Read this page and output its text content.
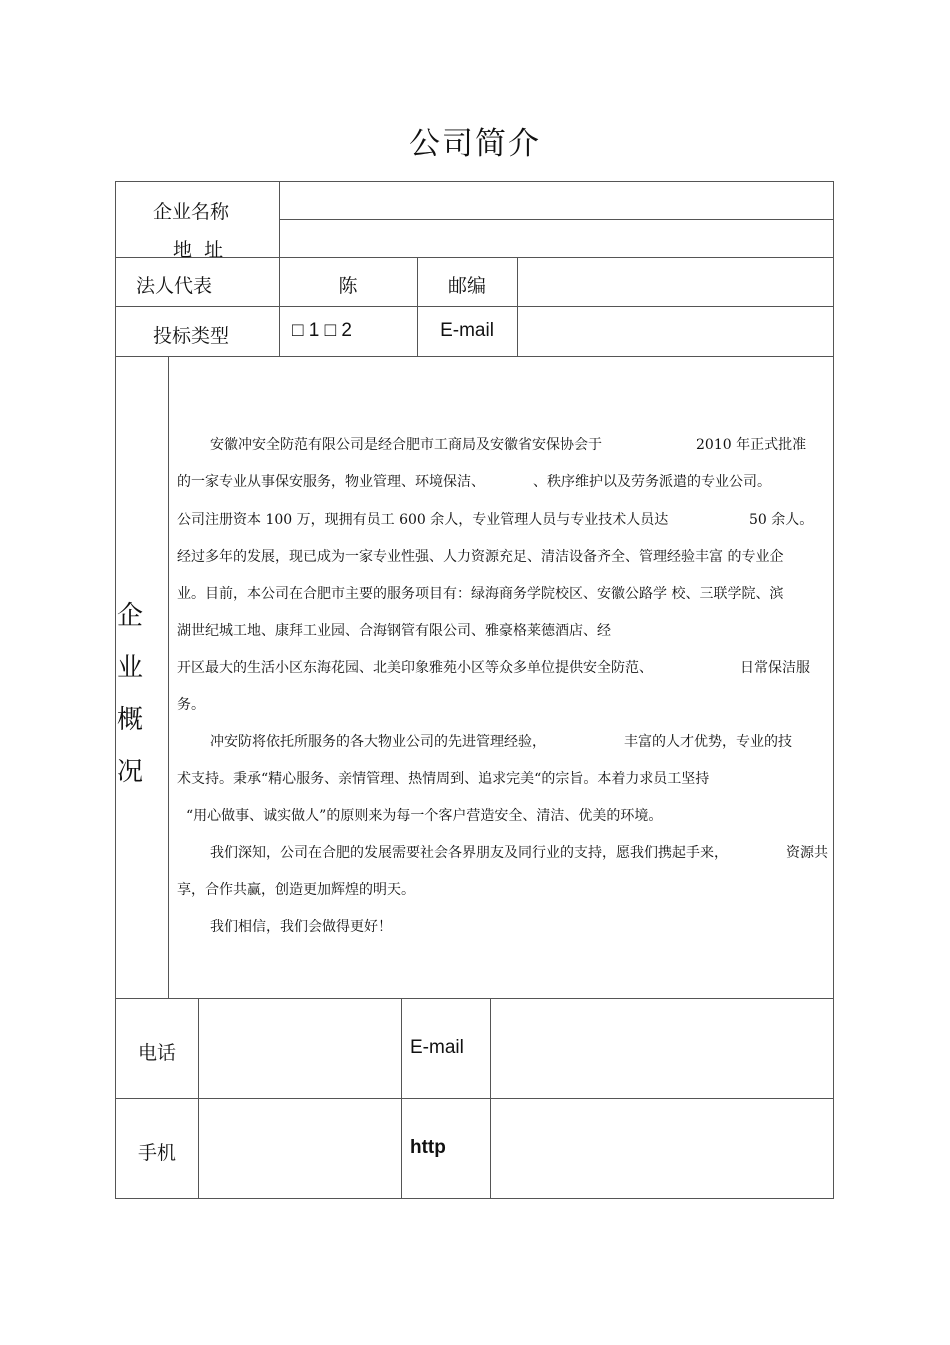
公司简介
企业名称
地  址
法人代表	陈	邮编
投标类型	□ 1 □ 2	E-mail
企
业
概
况
安徽冲安全防范有限公司是经合肥市工商局及安徽省安保协会于	2010 年正式批准
的一家专业从事保安服务，物业管理、环境保洁、	、秩序维护以及劳务派遣的专业公司。
公司注册资本 100 万，现拥有员工 600 余人，专业管理人员与专业技术人员达	50 余人。
经过多年的发展，现已成为一家专业性强、人力资源充足、清洁设备齐全、管理经验丰富 的专业企
业。目前，本公司在合肥市主要的服务项目有：绿海商务学院校区、安徽公路学 校、三联学院、滨
湖世纪城工地、康拜工业园、合海钢管有限公司、雅豪格莱德酒店、经
开区最大的生活小区东海花园、北美印象雅苑小区等众多单位提供安全防范、	日常保洁服
务。
冲安防将依托所服务的各大物业公司的先进管理经验，	丰富的人才优势，专业的技
术支持。秉承“精心服务、亲情管理、热情周到、追求完美“的宗旨。本着力求员工坚持
“用心做事、诚实做人”的原则来为每一个客户营造安全、清洁、优美的环境。
我们深知，公司在合肥的发展需要社会各界朋友及同行业的支持，愿我们携起手来，	资源共
享，合作共赢，创造更加辉煌的明天。
我们相信，我们会做得更好！
电话	E-mail
手机	http
